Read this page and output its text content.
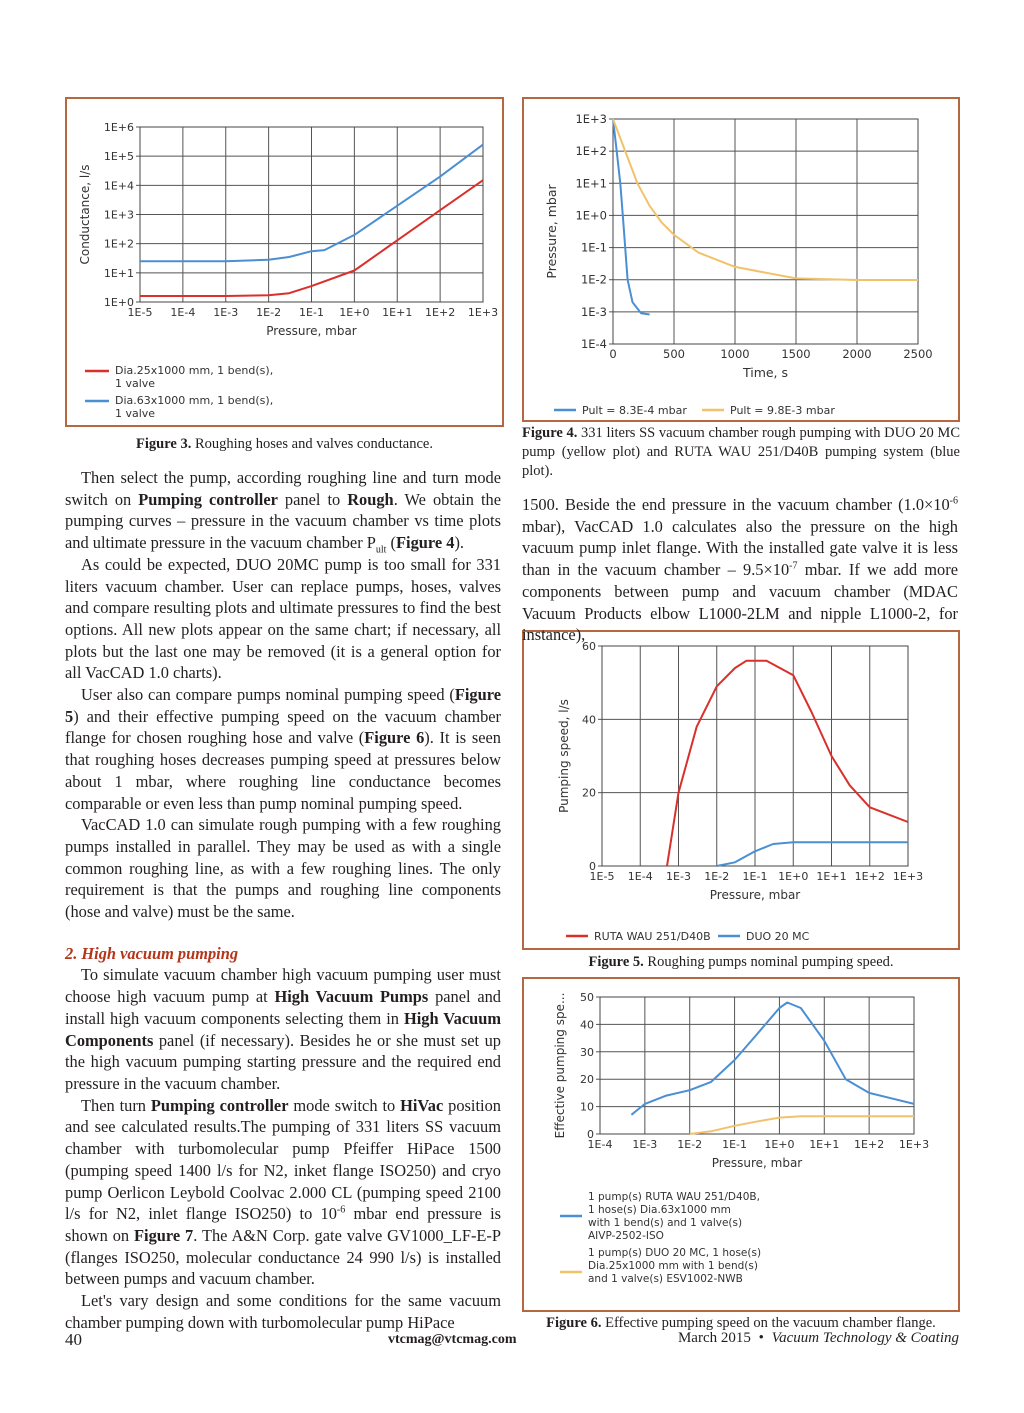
1E-5 1E-4 1E-3 1E-2 1E-1 1E+0 1E+1 1E+2 1E+3
1E+0
1E+1
1E+2
1E+3
1E+4
1E+5
1E+6
Pressure, mbar
Conductance, l/s
Dia.25x1000 mm, 1 bend(s),
1 valve
Dia.63x1000 mm, 1 bend(s),
1 valve
Figure 3. Roughing hoses and valves conductance.
0	500	1000	1500	2000	2500
1E-4
1E-3
1E-2
1E-1
1E+0
1E+1
1E+2
1E+3
Time, s
Pressure, mbar
Pult = 8.3E-4 mbar	Pult = 9.8E-3 mbar
Figure 4. 331 liters SS vacuum chamber rough pumping with DUO 20 MC pump (yellow plot) and RUTA WAU 251/D40B pumping system (blue plot).
1E-5 1E-4 1E-3 1E-2 1E-1 1E+0 1E+1 1E+2 1E+3
0
20
40
60
Pressure, mbar
Pumping speed, l/s
RUTA WAU 251/D40B	DUO 20 MC
Figure 5. Roughing pumps nominal pumping speed.
1E-4 1E-3 1E-2 1E-1 1E+0 1E+1 1E+2 1E+3
0
10
20
30
40
50
Pressure, mbar
Effective pumping spe...
1 pump(s) RUTA WAU 251/D40B,
1 hose(s) Dia.63x1000 mm
with 1 bend(s) and 1 valve(s)
AIVP-2502-ISO
1 pump(s) DUO 20 MC, 1 hose(s)
Dia.25x1000 mm with 1 bend(s)
and 1 valve(s) ESV1002-NWB
Figure 6. Effective pumping speed on the vacuum chamber flange.

Then select the pump, according roughing line and turn mode switch on Pumping controller panel to Rough. We obtain the pumping curves – pressure in the vacuum chamber vs time plots and ultimate pressure in the vacuum chamber $P_{ult}$ (Figure 4).

As could be expected, DUO 20MC pump is too small for 331 liters vacuum chamber. User can replace pumps, hoses, valves and compare resulting plots and ultimate pressures to find the best options. All new plots appear on the same chart; if necessary, all plots but the last one may be removed (it is a general option for all VacCAD 1.0 charts).

User also can compare pumps nominal pumping speed (Figure 5) and their effective pumping speed on the vacuum chamber flange for chosen roughing hose and valve (Figure 6). It is seen that roughing hoses decreases pumping speed at pressures below about 1 mbar, where roughing line conductance becomes comparable or even less than pump nominal pumping speed.

VacCAD 1.0 can simulate rough pumping with a few roughing pumps installed in parallel. They may be used as with a single common roughing line, as with a few roughing lines. The only requirement is that the pumps and roughing line components (hose and valve) must be the same.

2. High vacuum pumping

To simulate vacuum chamber high vacuum pumping user must choose high vacuum pump at High Vacuum Pumps panel and install high vacuum components selecting them in High Vacuum Components panel (if necessary). Besides he or she must set up the high vacuum pumping starting pressure and the required end pressure in the vacuum chamber.

Then turn Pumping controller mode switch to HiVac position and see calculated results.The pumping of 331 liters SS vacuum chamber with turbomolecular pump Pfeiffer HiPace 1500 (pumping speed 1400 l/s for N2, inket flange ISO250) and cryo pump Oerlicon Leybold Coolvac 2.000 CL (pumping speed 2100 l/s for N2, inlet flange ISO250) to $10^{-6}$ mbar end pressure is shown on Figure 7. The A&N Corp. gate valve GV1000_LF-E-P (flanges ISO250, molecular conductance 24 990 l/s) is installed between pumps and vacuum chamber.

Let's vary design and some conditions for the same vacuum chamber pumping down with turbomolecular pump HiPace

1500. Beside the end pressure in the vacuum chamber ($1.0\times 10^{-6}$ mbar), VacCAD 1.0 calculates also the pressure on the high vacuum pump inlet flange. With the installed gate valve it is less than in the vacuum chamber – $9.5\times 10^{-7}$ mbar. If we add more components between pump and vacuum chamber (MDAC Vacuum Products elbow L1000-2LM and nipple L1000-2, for instance),

40	vtcmag@vtcmag.com	March 2015 • Vacuum Technology & Coating
